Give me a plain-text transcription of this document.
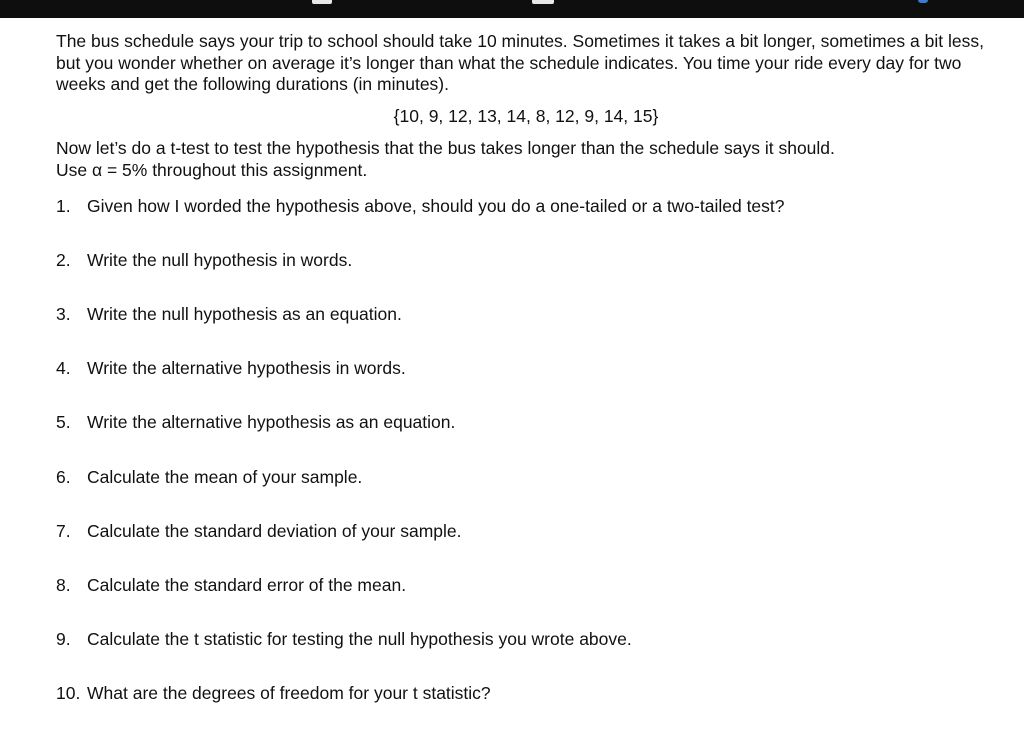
The bus schedule says your trip to school should take 10 minutes. Sometimes it takes a bit longer, sometimes a bit less, but you wonder whether on average it’s longer than what the schedule indicates. You time your ride every day for two weeks and get the following durations (in minutes).

{10, 9, 12, 13, 14, 8, 12, 9, 14, 15}

Now let’s do a t-test to test the hypothesis that the bus takes longer than the schedule says it should.
Use α = 5% throughout this assignment.

1. Given how I worded the hypothesis above, should you do a one-tailed or a two-tailed test?
2. Write the null hypothesis in words.
3. Write the null hypothesis as an equation.
4. Write the alternative hypothesis in words.
5. Write the alternative hypothesis as an equation.
6. Calculate the mean of your sample.
7. Calculate the standard deviation of your sample.
8. Calculate the standard error of the mean.
9. Calculate the t statistic for testing the null hypothesis you wrote above.
10. What are the degrees of freedom for your t statistic?
